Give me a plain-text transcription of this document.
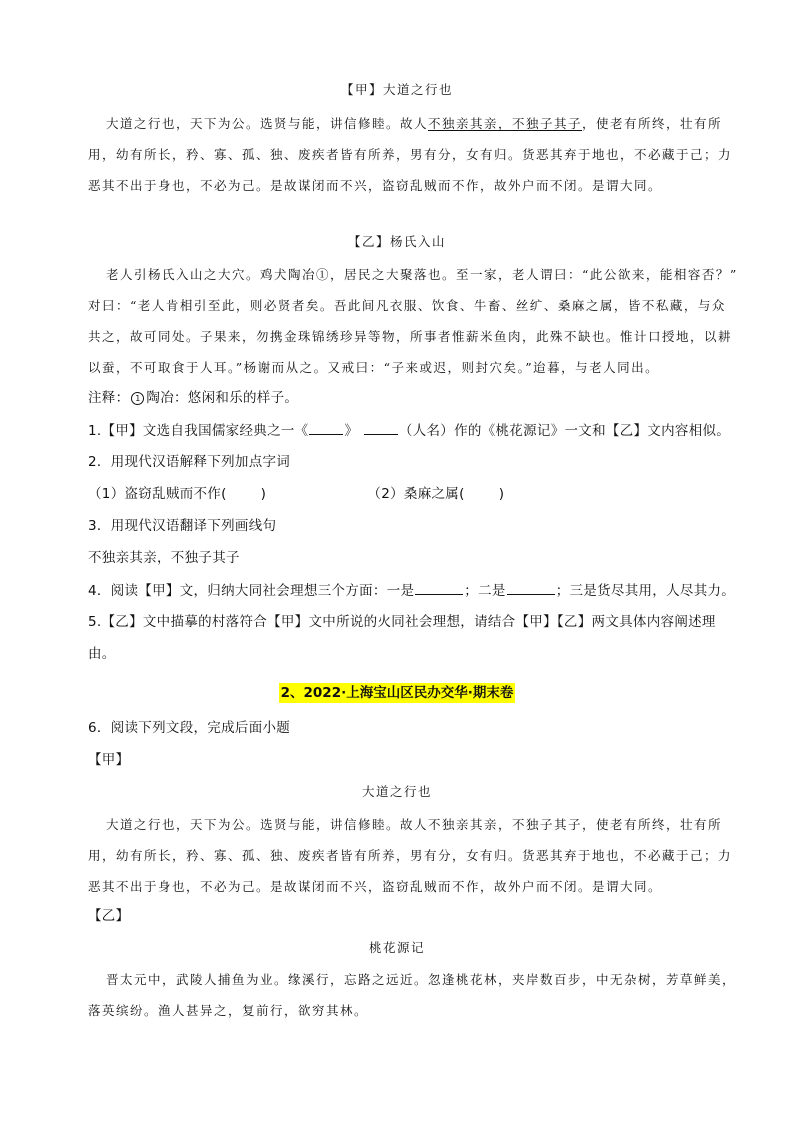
【甲】大道之行也
大道之行也，天下为公。选贤与能，讲信修睦。故人不独亲其亲，不独子其子，使老有所终，壮有所
用，幼有所长，矜、寡、孤、独、废疾者皆有所养，男有分，女有归。货恶其弃于地也，不必藏于己；力
恶其不出于身也，不必为己。是故谋闭而不兴，盗窃乱贼而不作，故外户而不闭。是谓大同。
【乙】杨氏入山
老人引杨氏入山之大穴。鸡犬陶冶①，居民之大聚落也。至一家，老人谓曰：“此公欲来，能相容否？”
对曰：“老人肯相引至此，则必贤者矣。吾此间凡衣服、饮食、牛畜、丝纩、桑麻之属，皆不私藏，与众
共之，故可同处。子果来，勿携金珠锦绣珍异等物，所事者惟薪米鱼肉，此殊不缺也。惟计口授地，以耕
以蚕，不可取食于人耳。”杨谢而从之。又戒曰：“子来或迟，则封穴矣。”迨暮，与老人同出。
注释： 1 陶冶：悠闲和乐的样子。
1.【甲】文选自我国儒家经典之一《	》	（人名）作的《桃花源记》一文和【乙】文内容相似。
2．用现代汉语解释下列加点字词
（1）盗窃乱贼而不作(	)	（2）桑麻之属(	)
3．用现代汉语翻译下列画线句
不独亲其亲，不独子其子
4．阅读【甲】文，归纳大同社会理想三个方面：一是	；二是	；三是货尽其用，人尽其力。
5.【乙】文中描摹的村落符合【甲】文中所说的火同社会理想，请结合【甲】【乙】两文具体内容阐述理
由。
2、2022·上海宝山区民办交华·期末卷
6．阅读下列文段，完成后面小题
【甲】
大道之行也
大道之行也，天下为公。选贤与能，讲信修睦。故人不独亲其亲，不独子其子，使老有所终，壮有所
用，幼有所长，矜、寡、孤、独、废疾者皆有所养，男有分，女有归。货恶其弃于地也，不必藏于己；力
恶其不出于身也，不必为己。是故谋闭而不兴，盗窃乱贼而不作，故外户而不闭。是谓大同。
【乙】
桃花源记
晋太元中，武陵人捕鱼为业。缘溪行，忘路之远近。忽逢桃花林，夹岸数百步，中无杂树，芳草鲜美，
落英缤纷。渔人甚异之，复前行，欲穷其林。
